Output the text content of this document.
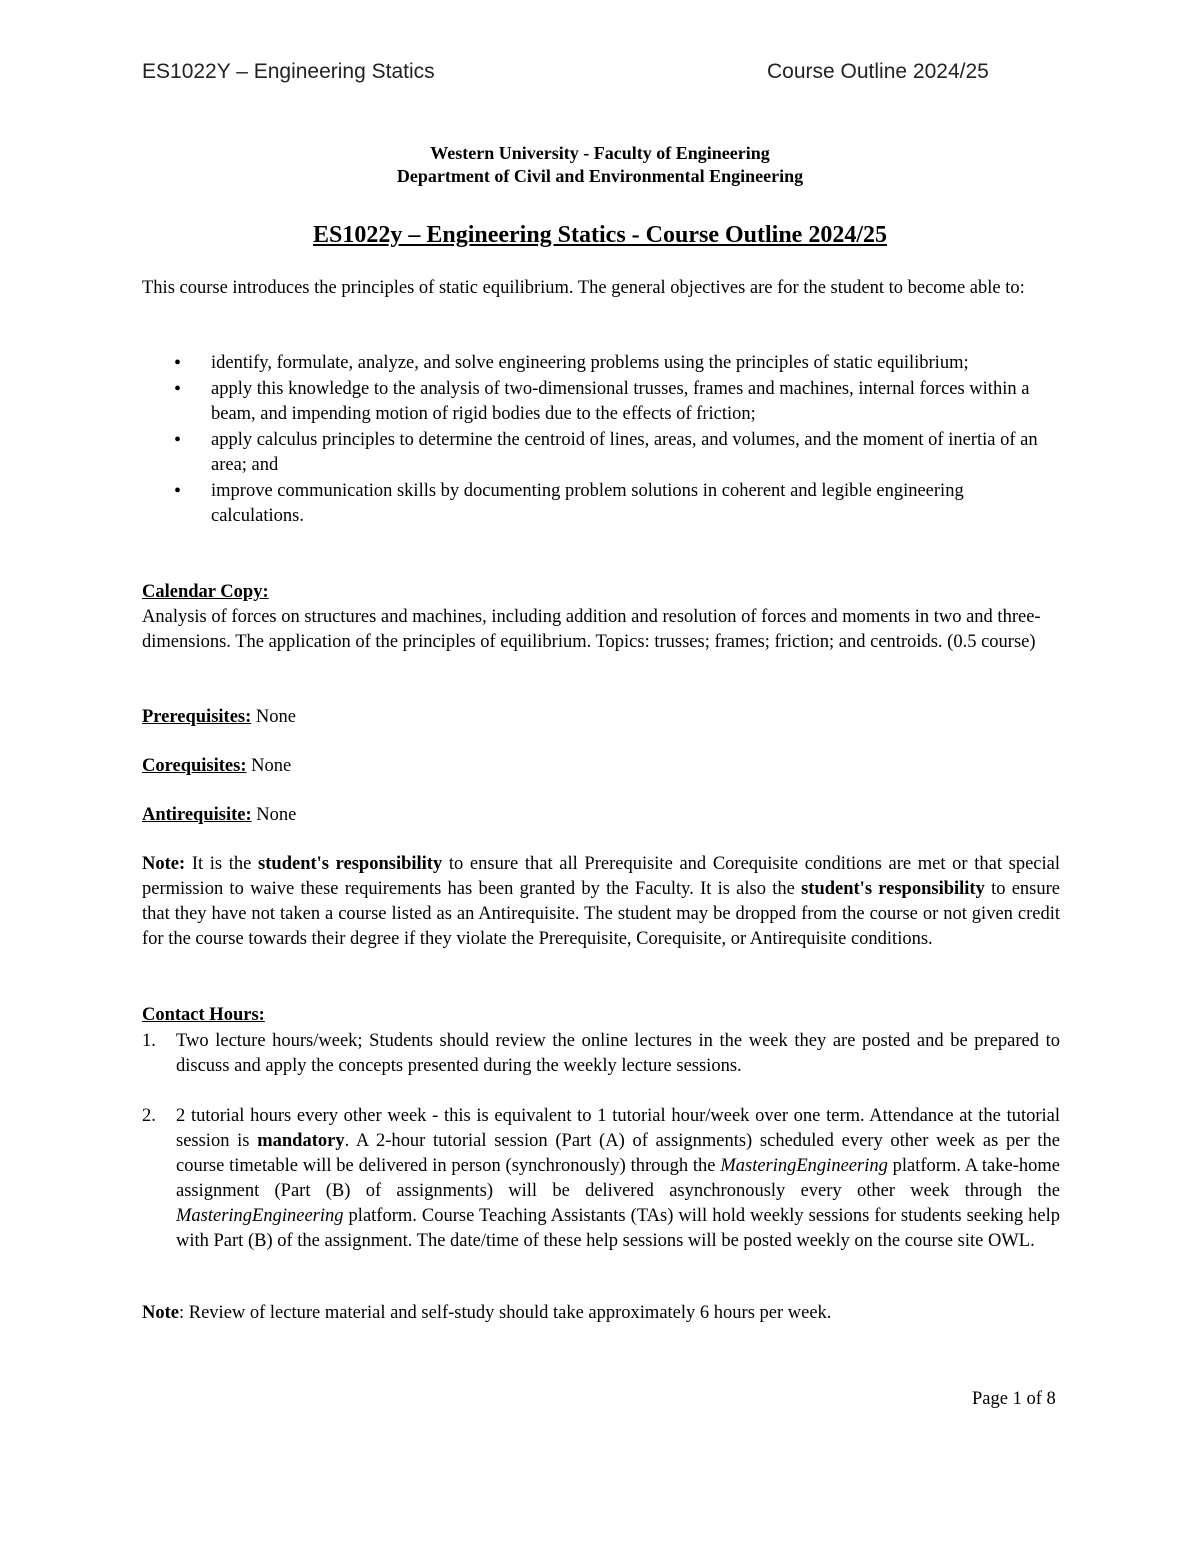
ES1022Y – Engineering Statics	Course Outline 2024/25
Western University - Faculty of Engineering
Department of Civil and Environmental Engineering
ES1022y – Engineering Statics - Course Outline 2024/25
This course introduces the principles of static equilibrium. The general objectives are for the student to become able to:
• identify, formulate, analyze, and solve engineering problems using the principles of static equilibrium;
• apply this knowledge to the analysis of two-dimensional trusses, frames and machines, internal forces within a beam, and impending motion of rigid bodies due to the effects of friction;
• apply calculus principles to determine the centroid of lines, areas, and volumes, and the moment of inertia of an area; and
• improve communication skills by documenting problem solutions in coherent and legible engineering calculations.
Calendar Copy:
Analysis of forces on structures and machines, including addition and resolution of forces and moments in two and three-dimensions. The application of the principles of equilibrium. Topics: trusses; frames; friction; and centroids. (0.5 course)
Prerequisites: None
Corequisites: None
Antirequisite: None
Note: It is the student's responsibility to ensure that all Prerequisite and Corequisite conditions are met or that special permission to waive these requirements has been granted by the Faculty. It is also the student's responsibility to ensure that they have not taken a course listed as an Antirequisite. The student may be dropped from the course or not given credit for the course towards their degree if they violate the Prerequisite, Corequisite, or Antirequisite conditions.
Contact Hours:
1. Two lecture hours/week; Students should review the online lectures in the week they are posted and be prepared to discuss and apply the concepts presented during the weekly lecture sessions.
2. 2 tutorial hours every other week - this is equivalent to 1 tutorial hour/week over one term. Attendance at the tutorial session is mandatory. A 2-hour tutorial session (Part (A) of assignments) scheduled every other week as per the course timetable will be delivered in person (synchronously) through the MasteringEngineering platform. A take-home assignment (Part (B) of assignments) will be delivered asynchronously every other week through the MasteringEngineering platform. Course Teaching Assistants (TAs) will hold weekly sessions for students seeking help with Part (B) of the assignment. The date/time of these help sessions will be posted weekly on the course site OWL.
Note: Review of lecture material and self-study should take approximately 6 hours per week.
Page 1 of 8
